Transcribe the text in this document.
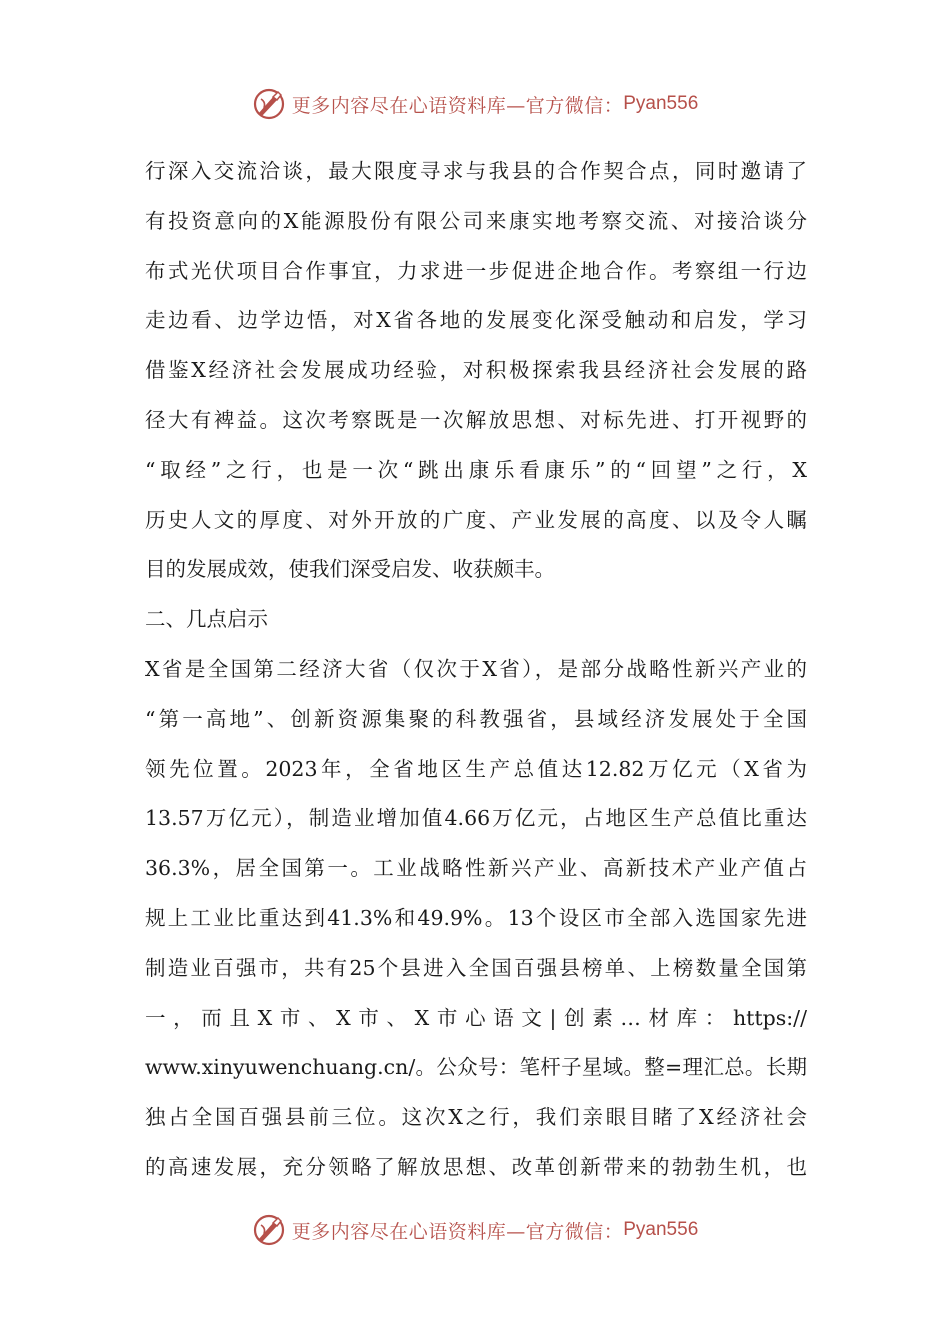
更多内容尽在心语资料库—官方微信： Pyan556
行深入交流洽谈，最大限度寻求与我县的合作契合点，同时邀请了
有投资意向的X能源股份有限公司来康实地考察交流、对接洽谈分
布式光伏项目合作事宜，力求进一步促进企地合作。考察组一行边
走边看、边学边悟，对X省各地的发展变化深受触动和启发，学习
借鉴X经济社会发展成功经验，对积极探索我县经济社会发展的路
径大有裨益。这次考察既是一次解放思想、对标先进、打开视野的
“取经”之行，也是一次“跳出康乐看康乐”的“回望”之行，X
历史人文的厚度、对外开放的广度、产业发展的高度、以及令人瞩
目的发展成效，使我们深受启发、收获颇丰。
二、几点启示
X省是全国第二经济大省（仅次于X省），是部分战略性新兴产业的
“第一高地”、创新资源集聚的科教强省，县域经济发展处于全国
领先位置。2023年，全省地区生产总值达12.82万亿元（X省为
13.57万亿元），制造业增加值4.66万亿元，占地区生产总值比重达
36.3%，居全国第一。工业战略性新兴产业、高新技术产业产值占
规上工业比重达到41.3%和49.9%。13个设区市全部入选国家先进
制造业百强市，共有25个县进入全国百强县榜单、上榜数量全国第
一，而且X市、X市、X市心语文|创素…材库：https://
www.xinyuwenchuang.cn/。公众号：笔杆子星域。整=理汇总。长期
独占全国百强县前三位。这次X之行，我们亲眼目睹了X经济社会
的高速发展，充分领略了解放思想、改革创新带来的勃勃生机，也
更多内容尽在心语资料库—官方微信： Pyan556
